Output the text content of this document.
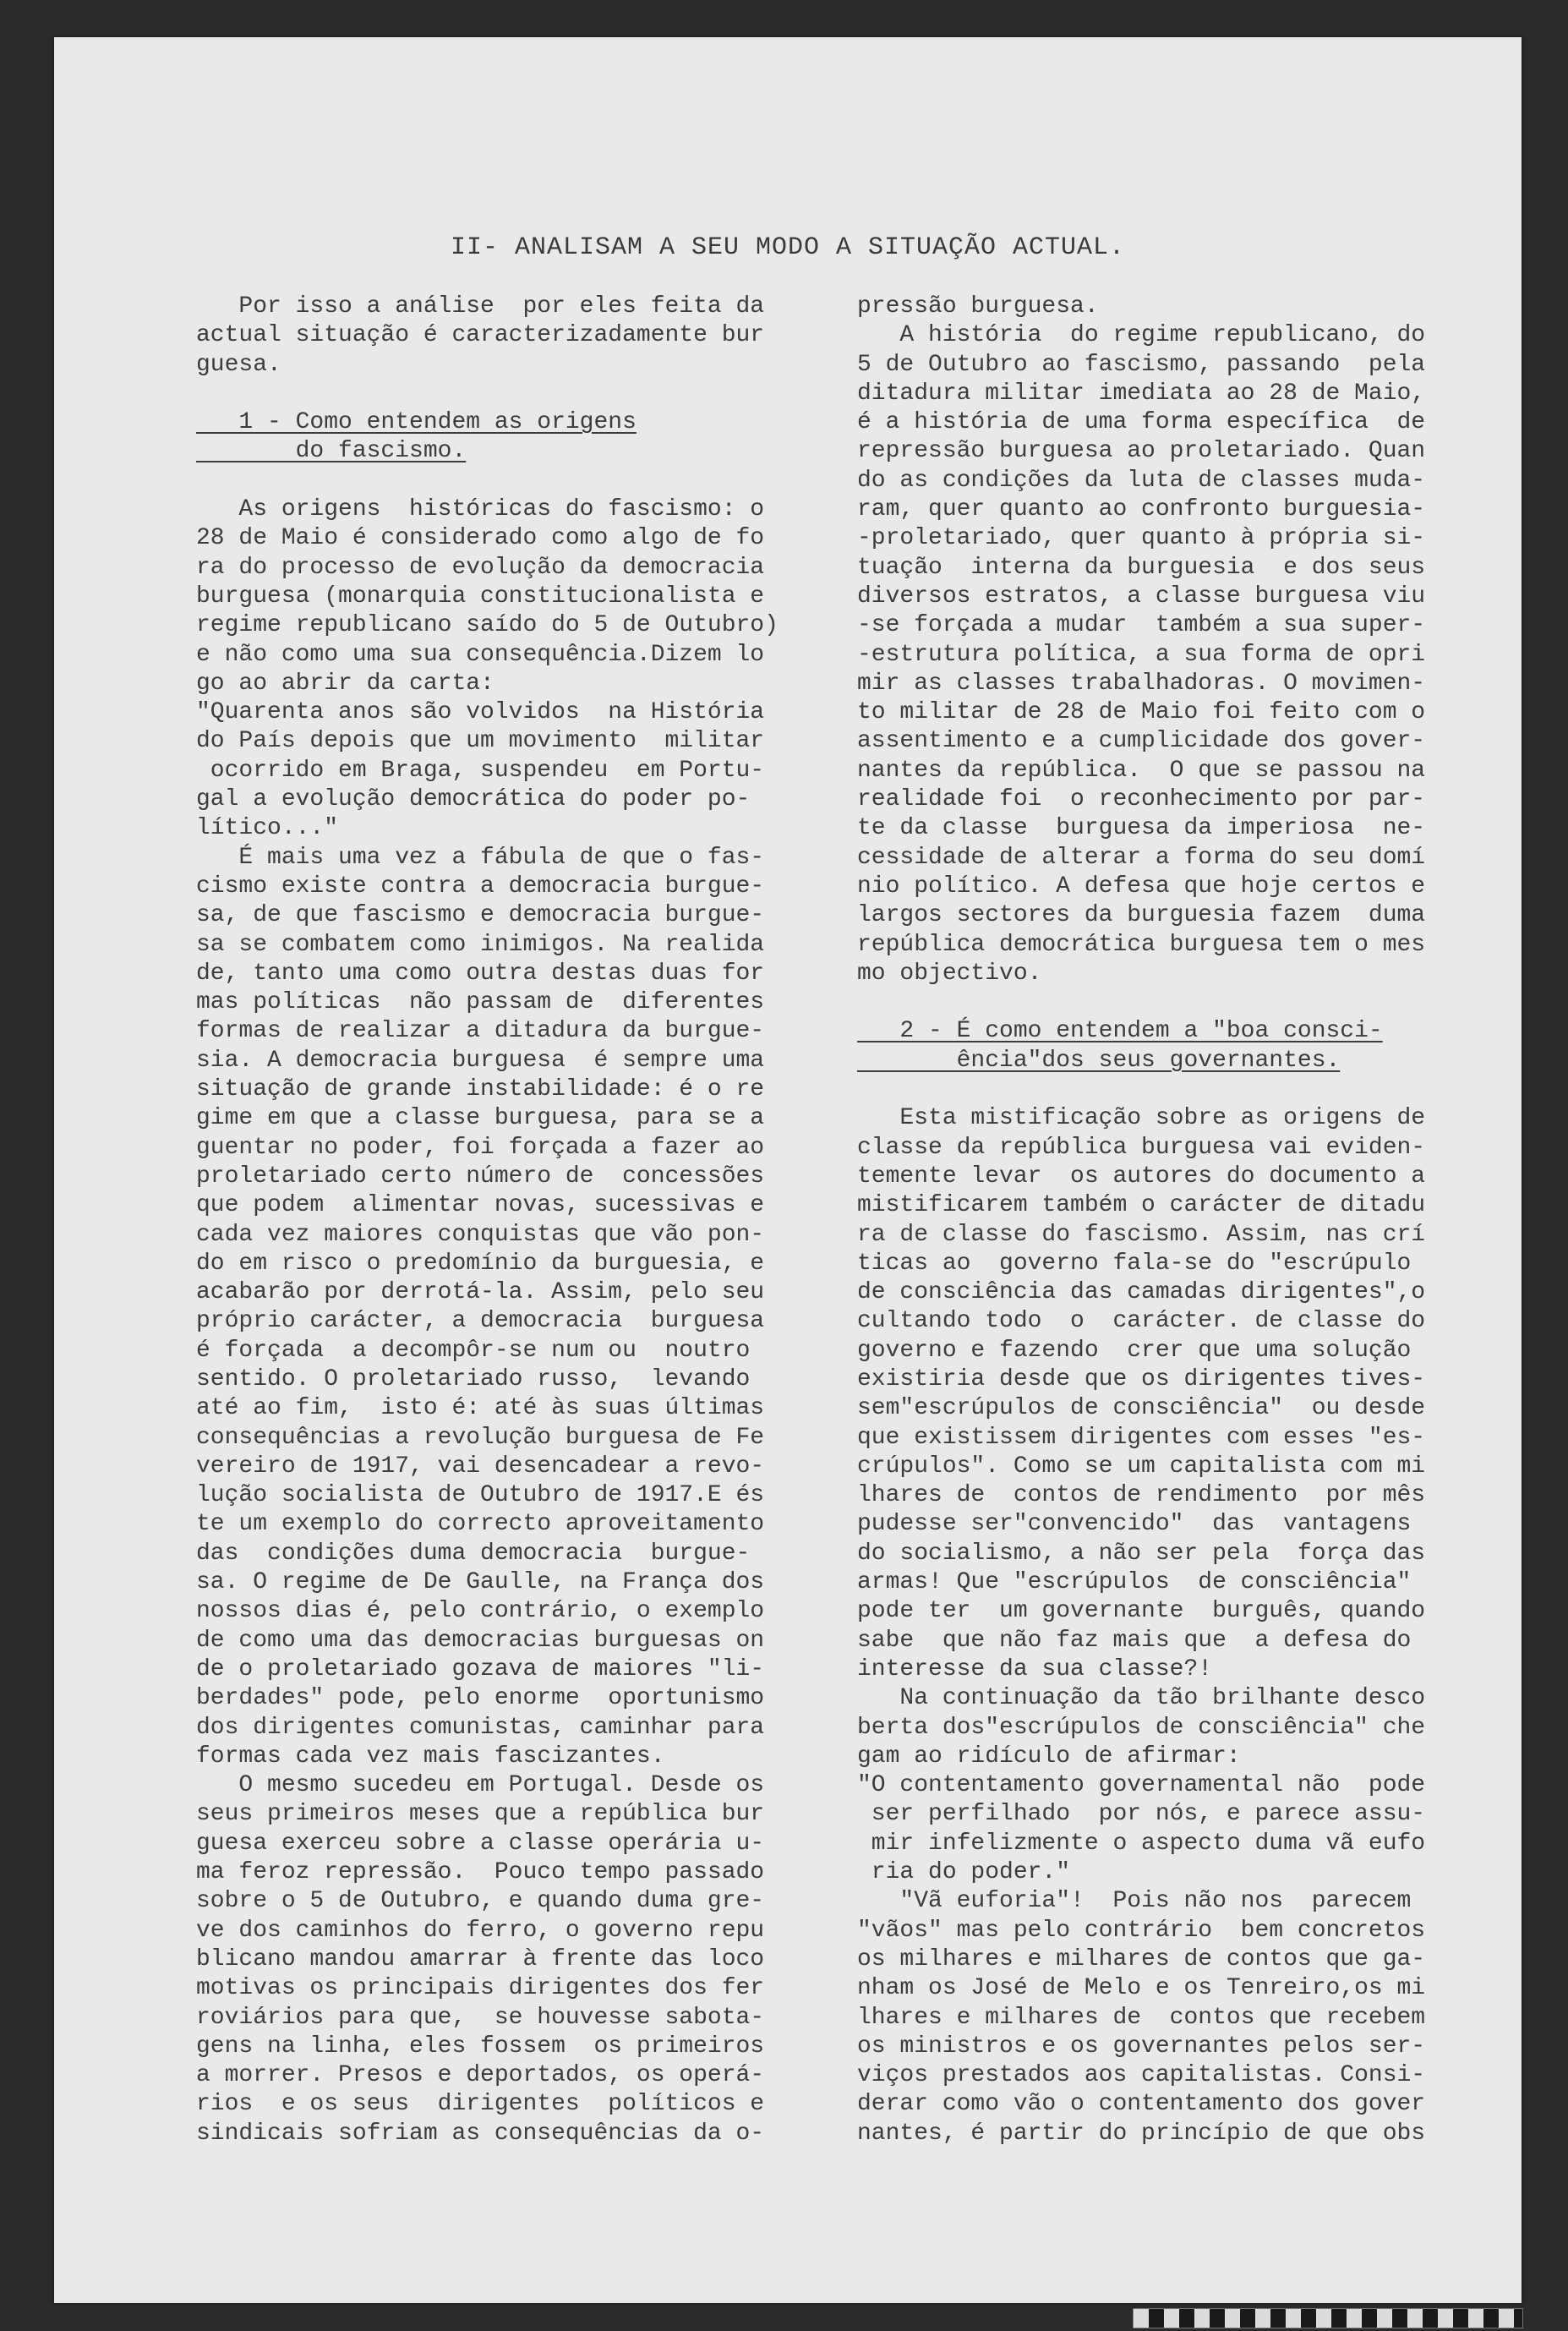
II- ANALISAM A SEU MODO A SITUAÇÃO ACTUAL.

Por isso a análise  por eles feita da

actual situação é caracterizadamente bur

guesa.

1 - Como entendem as origens

do fascismo.

As origens  históricas do fascismo: o

28 de Maio é considerado como algo de fo

ra do processo de evolução da democracia

burguesa (monarquia constitucionalista e

regime republicano saído do 5 de Outubro)

e não como uma sua consequência.Dizem lo

go ao abrir da carta:

"Quarenta anos são volvidos  na História

do País depois que um movimento  militar

ocorrido em Braga, suspendeu  em Portu-

gal a evolução democrática do poder po-

lítico..."

É mais uma vez a fábula de que o fas-

cismo existe contra a democracia burgue-

sa, de que fascismo e democracia burgue-

sa se combatem como inimigos. Na realida

de, tanto uma como outra destas duas for

mas políticas  não passam de  diferentes

formas de realizar a ditadura da burgue-

sia. A democracia burguesa  é sempre uma

situação de grande instabilidade: é o re

gime em que a classe burguesa, para se a

guentar no poder, foi forçada a fazer ao

proletariado certo número de  concessões

que podem  alimentar novas, sucessivas e

cada vez maiores conquistas que vão pon-

do em risco o predomínio da burguesia, e

acabarão por derrotá-la. Assim, pelo seu

próprio carácter, a democracia  burguesa

é forçada  a decompôr-se num ou  noutro

sentido. O proletariado russo,  levando

até ao fim,  isto é: até às suas últimas

consequências a revolução burguesa de Fe

vereiro de 1917, vai desencadear a revo-

lução socialista de Outubro de 1917.E és

te um exemplo do correcto aproveitamento

das  condições duma democracia  burgue-

sa. O regime de De Gaulle, na França dos

nossos dias é, pelo contrário, o exemplo

de como uma das democracias burguesas on

de o proletariado gozava de maiores "li-

berdades" pode, pelo enorme  oportunismo

dos dirigentes comunistas, caminhar para

formas cada vez mais fascizantes.

O mesmo sucedeu em Portugal. Desde os

seus primeiros meses que a república bur

guesa exerceu sobre a classe operária u-

ma feroz repressão.  Pouco tempo passado

sobre o 5 de Outubro, e quando duma gre-

ve dos caminhos do ferro, o governo repu

blicano mandou amarrar à frente das loco

motivas os principais dirigentes dos fer

roviários para que,  se houvesse sabota-

gens na linha, eles fossem  os primeiros

a morrer. Presos e deportados, os operá-

rios  e os seus  dirigentes  políticos e

sindicais sofriam as consequências da o-

pressão burguesa.

A história  do regime republicano, do

5 de Outubro ao fascismo, passando  pela

ditadura militar imediata ao 28 de Maio,

é a história de uma forma específica  de

repressão burguesa ao proletariado. Quan

do as condições da luta de classes muda-

ram, quer quanto ao confronto burguesia-

-proletariado, quer quanto à própria si-

tuação  interna da burguesia  e dos seus

diversos estratos, a classe burguesa viu

-se forçada a mudar  também a sua super-

-estrutura política, a sua forma de opri

mir as classes trabalhadoras. O movimen-

to militar de 28 de Maio foi feito com o

assentimento e a cumplicidade dos gover-

nantes da república.  O que se passou na

realidade foi  o reconhecimento por par-

te da classe  burguesa da imperiosa  ne-

cessidade de alterar a forma do seu domí

nio político. A defesa que hoje certos e

largos sectores da burguesia fazem  duma

república democrática burguesa tem o mes

mo objectivo.

2 - É como entendem a "boa consci-

ência"dos seus governantes.

Esta mistificação sobre as origens de

classe da república burguesa vai eviden-

temente levar  os autores do documento a

mistificarem também o carácter de ditadu

ra de classe do fascismo. Assim, nas crí

ticas ao  governo fala-se do "escrúpulo

de consciência das camadas dirigentes",o

cultando todo  o  carácter. de classe do

governo e fazendo  crer que uma solução

existiria desde que os dirigentes tives-

sem"escrúpulos de consciência"  ou desde

que existissem dirigentes com esses "es-

crúpulos". Como se um capitalista com mi

lhares de  contos de rendimento  por mês

pudesse ser"convencido"  das  vantagens

do socialismo, a não ser pela  força das

armas! Que "escrúpulos  de consciência"

pode ter  um governante  burguês, quando

sabe  que não faz mais que  a defesa do

interesse da sua classe?!

Na continuação da tão brilhante desco

berta dos"escrúpulos de consciência" che

gam ao ridículo de afirmar:

"O contentamento governamental não  pode

ser perfilhado  por nós, e parece assu-

mir infelizmente o aspecto duma vã eufo

ria do poder."

"Vã euforia"!  Pois não nos  parecem

"vãos" mas pelo contrário  bem concretos

os milhares e milhares de contos que ga-

nham os José de Melo e os Tenreiro,os mi

lhares e milhares de  contos que recebem

os ministros e os governantes pelos ser-

viços prestados aos capitalistas. Consi-

derar como vão o contentamento dos gover

nantes, é partir do princípio de que obs
